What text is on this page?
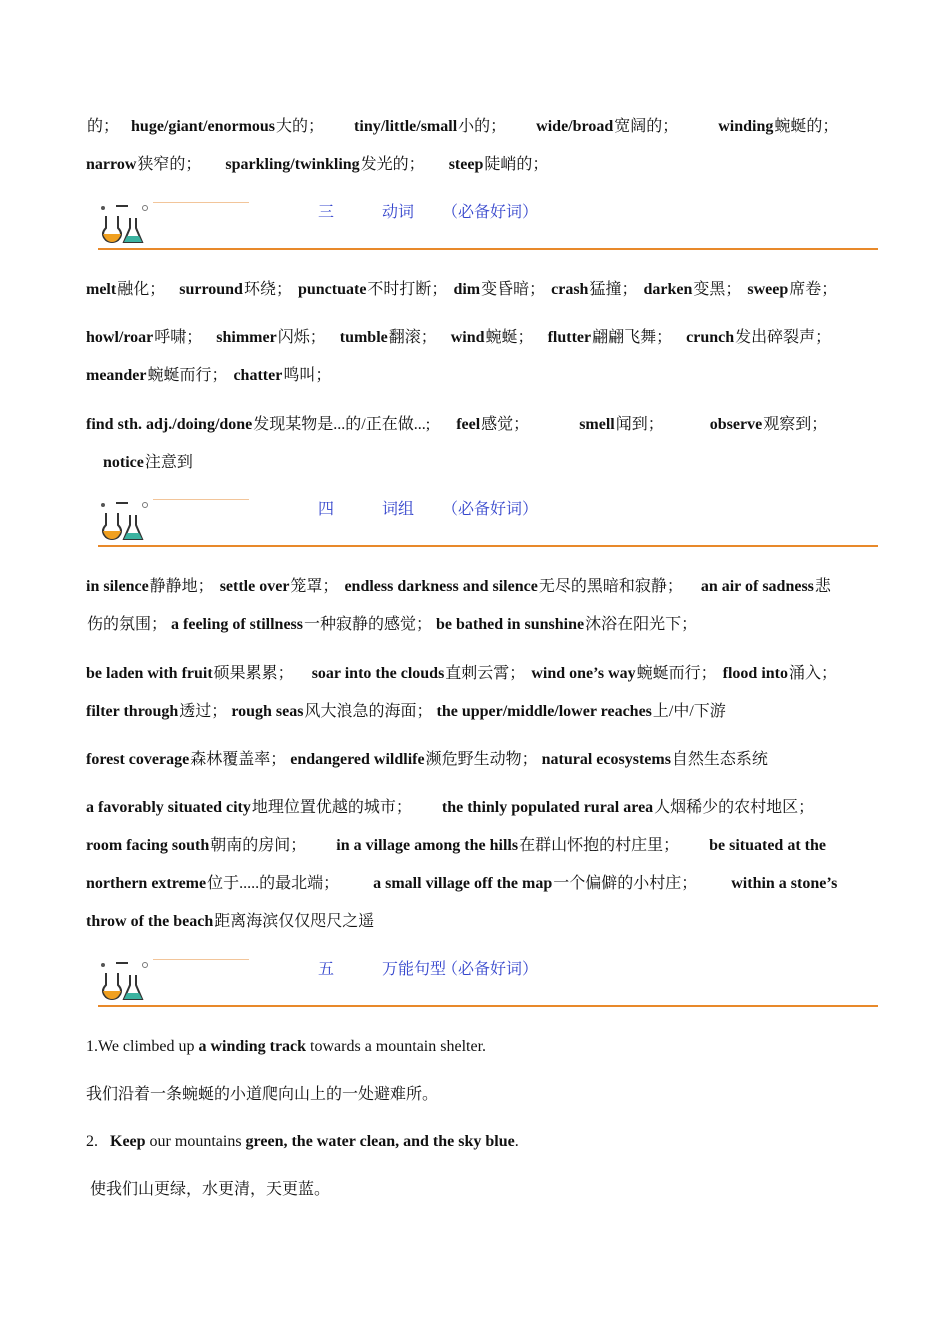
的； huge/giant/enormous大的； tiny/little/small小的； wide/broad宽阔的；	winding蜿蜒的；
narrow狭窄的； sparkling/twinkling发光的； steep陡峭的；
三	动词 （必备好词）
melt融化； surround环绕； punctuate不时打断； dim变昏暗； crash猛撞； darken变黑； sweep席卷；
howl/roar呼啸； shimmer闪烁； tumble翻滚； wind蜿蜒； flutter翩翩飞舞； crunch发出碎裂声；
meander蜿蜒而行； chatter鸣叫；
find sth. adj./doing/done发现某物是...的/正在做...; feel感觉；	smell闻到；	observe观察到；
notice注意到
四	词组 （必备好词）
in silence静静地； settle over笼罩； endless darkness and silence无尽的黑暗和寂静； an air of sadness悲
伤的氛围； a feeling of stillness一种寂静的感觉； be bathed in sunshine沐浴在阳光下；
be laden with fruit硕果累累； soar into the clouds直刺云霄； wind one’s way蜿蜒而行； flood into涌入；
filter through透过； rough seas风大浪急的海面； the upper/middle/lower reaches上/中/下游
forest coverage森林覆盖率； endangered wildlife濒危野生动物； natural ecosystems自然生态系统
a favorably situated city地理位置优越的城市； the thinly populated rural area人烟稀少的农村地区；
room facing south朝南的房间； in a village among the hills在群山怀抱的村庄里； be situated at the
northern extreme位于.....的最北端； a small village off the map一个偏僻的小村庄； within a stone’s
throw of the beach距离海滨仅仅咫尺之遥
五	万能句型（必备好词）
1.We climbed up a winding track towards a mountain shelter.
我们沿着一条蜿蜒的小道爬向山上的一处避难所。
2.   Keep our mountains green, the water clean, and the sky blue.
使我们山更绿，水更清，天更蓝。
